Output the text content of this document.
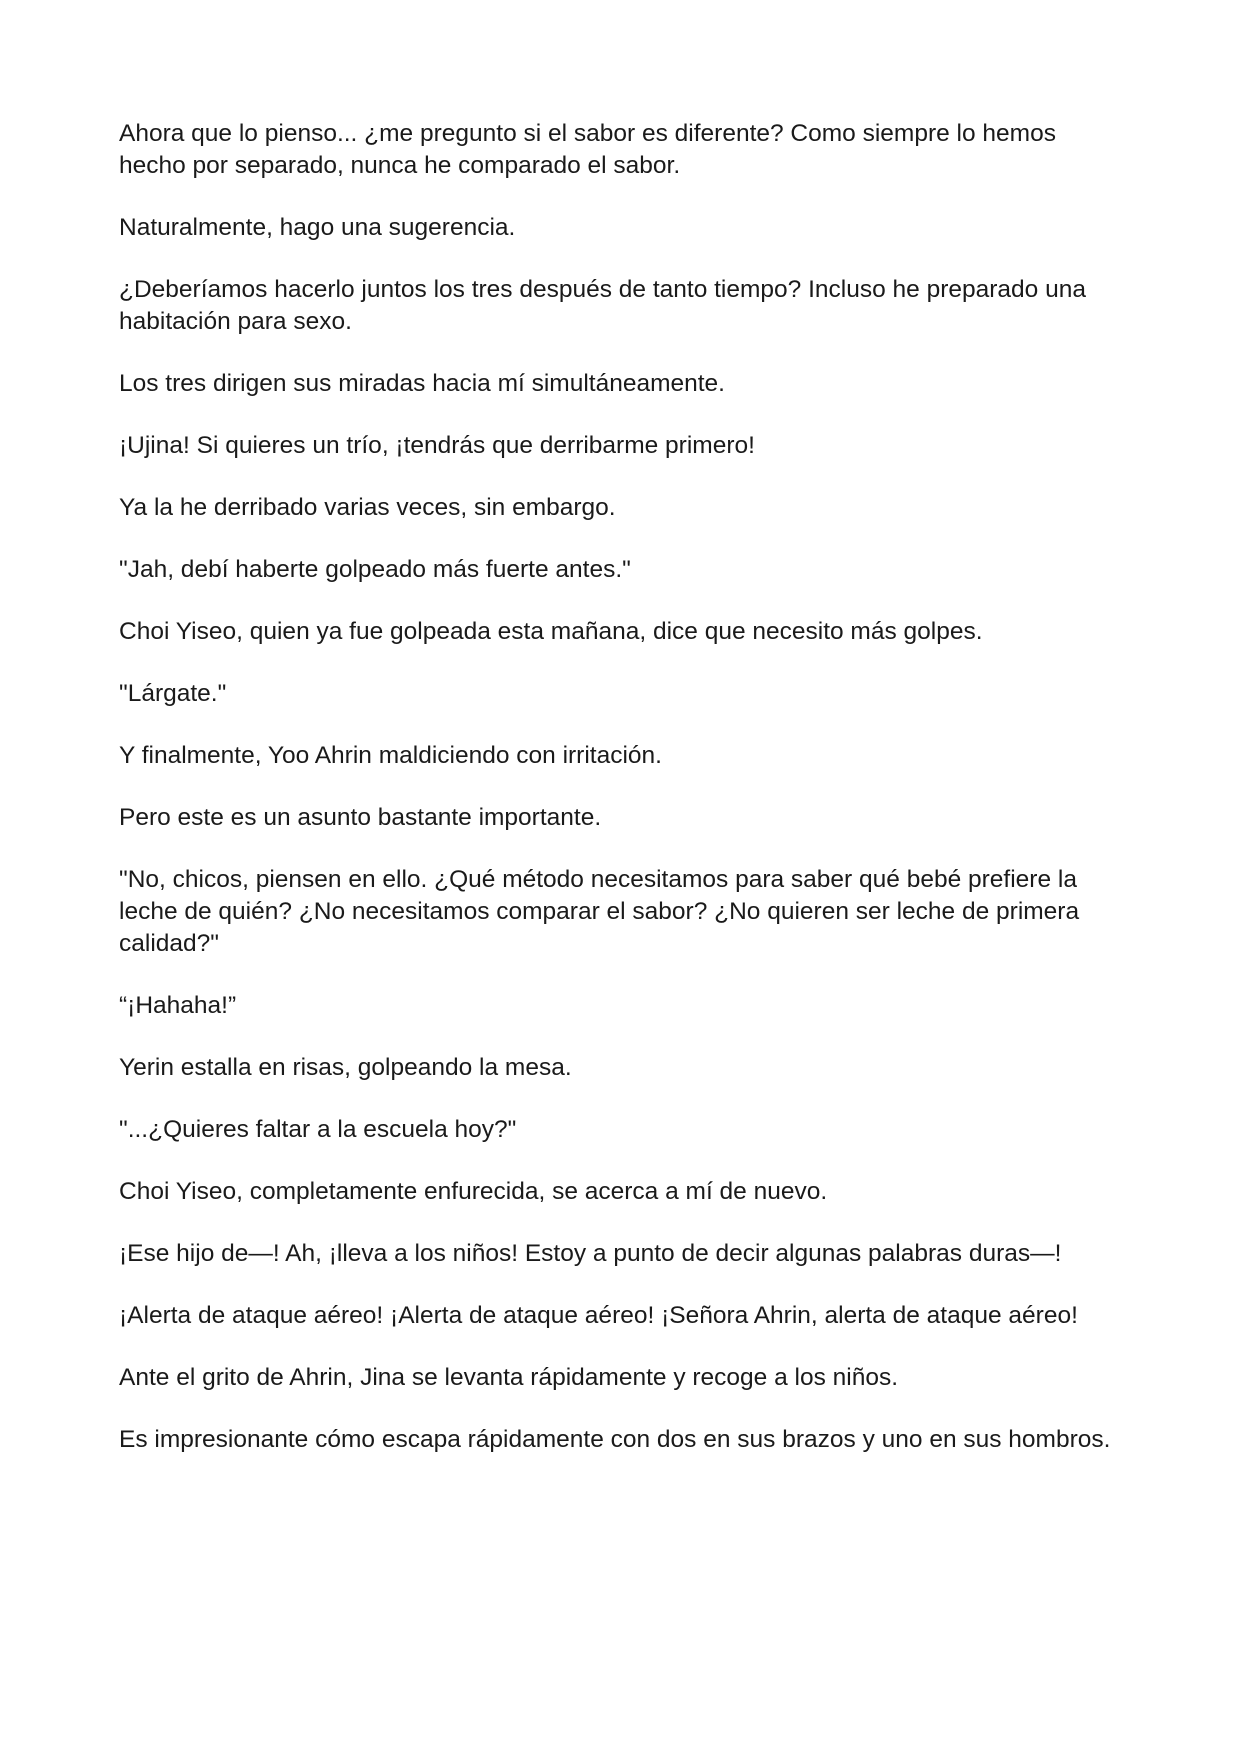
Ahora que lo pienso... ¿me pregunto si el sabor es diferente? Como siempre lo hemos hecho por separado, nunca he comparado el sabor.

Naturalmente, hago una sugerencia.

¿Deberíamos hacerlo juntos los tres después de tanto tiempo? Incluso he preparado una habitación para sexo.

Los tres dirigen sus miradas hacia mí simultáneamente.

¡Ujina! Si quieres un trío, ¡tendrás que derribarme primero!

Ya la he derribado varias veces, sin embargo.

"Jah, debí haberte golpeado más fuerte antes."

Choi Yiseo, quien ya fue golpeada esta mañana, dice que necesito más golpes.

"Lárgate."

Y finalmente, Yoo Ahrin maldiciendo con irritación.

Pero este es un asunto bastante importante.

"No, chicos, piensen en ello. ¿Qué método necesitamos para saber qué bebé prefiere la leche de quién? ¿No necesitamos comparar el sabor? ¿No quieren ser leche de primera calidad?"

“¡Hahaha!”

Yerin estalla en risas, golpeando la mesa.

"...¿Quieres faltar a la escuela hoy?"

Choi Yiseo, completamente enfurecida, se acerca a mí de nuevo.

¡Ese hijo de—! Ah, ¡lleva a los niños! Estoy a punto de decir algunas palabras duras—!

¡Alerta de ataque aéreo! ¡Alerta de ataque aéreo! ¡Señora Ahrin, alerta de ataque aéreo!

Ante el grito de Ahrin, Jina se levanta rápidamente y recoge a los niños.

Es impresionante cómo escapa rápidamente con dos en sus brazos y uno en sus hombros.
